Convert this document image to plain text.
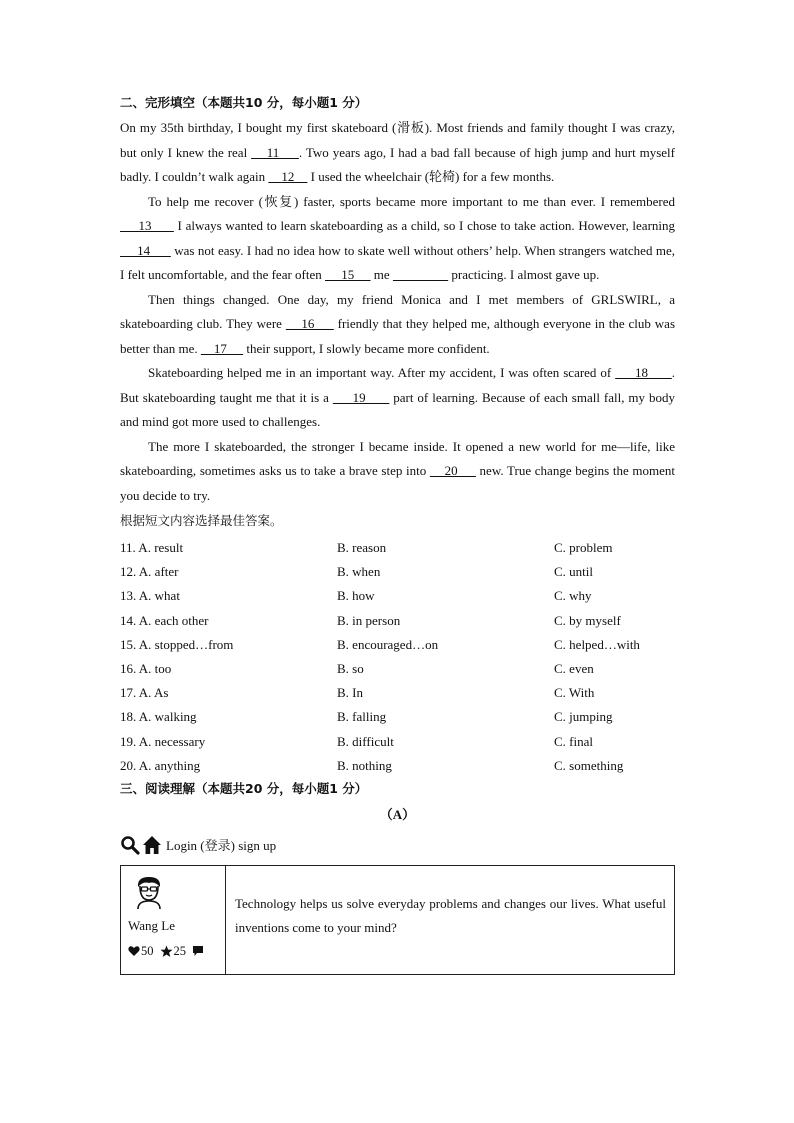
二、完形填空（本题共10 分，每小题1 分）

On my 35th birthday, I bought my first skateboard (滑板). Most friends and family thought I was crazy, but only I knew the real     11     . Two years ago, I had a bad fall because of high jump and hurt myself badly. I couldn’t walk again     12     I used the wheelchair (轮椅) for a few months.

To help me recover (恢复) faster, sports became more important to me than ever. I remembered      13       I always wanted to learn skateboarding as a child, so I chose to take action. However, learning      14       was not easy. I had no idea how to skate well without others’ help. When strangers watched me, I felt uncomfortable, and the fear often      15      me	practicing. I almost gave up.

Then things changed. One day, my friend Monica and I met members of GRLSWIRL, a skateboarding club. They were     16      friendly that they helped me, although everyone in the club was better than me.     17      their support, I slowly became more confident.

Skateboarding helped me in an important way. After my accident, I was often scared of      18      . But skateboarding taught me that it is a      19       part of learning. Because of each small fall, my body and mind got more used to challenges.

The more I skateboarded, the stronger I became inside. It opened a new world for me—life, like skateboarding, sometimes asks us to take a brave step into     20      new. True change begins the moment you decide to try.

根据短文内容选择最佳答案。
11. A. result	B. reason	C. problem
12. A. after	B. when	C. until
13. A. what	B. how	C. why
14. A. each other	B. in person	C. by myself
15. A. stopped…from	B. encouraged…on	C. helped…with
16. A. too	B. so	C. even
17. A. As	B. In	C. With
18. A. walking	B. falling	C. jumping
19. A. necessary	B. difficult	C. final
20. A. anything	B. nothing	C. something
三、阅读理解（本题共20 分，每小题1 分）
（A）
Login (登录) sign up
Wang Le
50 25
Technology helps us solve everyday problems and changes our lives. What useful inventions come to your mind?
